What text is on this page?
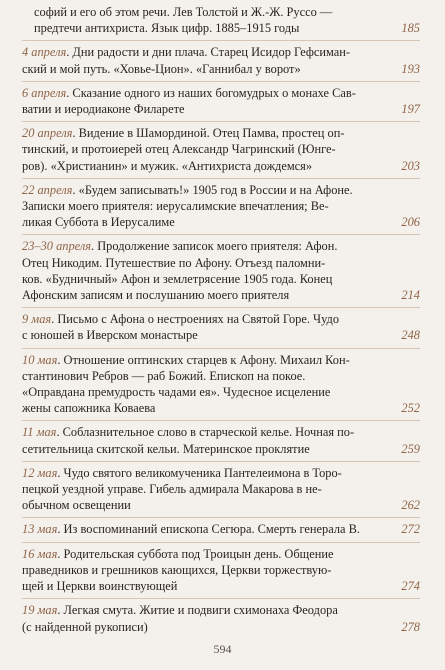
софий и его об этом речи. Лев Толстой и Ж.-Ж. Руссо —
185
предтечи антихриста. Язык цифр. 1885–1915 годы
4 апреля. Дни радости и дни плача. Старец Исидор Гефсиман-
193
ский и мой путь. «Ховье-Цион». «Ганнибал у ворот»
6 апреля. Сказание одного из наших богомудрых о монахе Сав-
197
ватии и иеродиаконе Филарете
20 апреля. Видение в Шамординой. Отец Памва, простец оп-
тинский, и протоиерей отец Александр Чагринский (Юнге-
203
ров). «Христианин» и мужик. «Антихриста дождемся»
22 апреля. «Будем записывать!» 1905 год в России и на Афоне.
Записки моего приятеля: иерусалимские впечатления; Ве-
206
ликая Суббота в Иерусалиме
23–30 апреля. Продолжение записок моего приятеля: Афон.
Отец Никодим. Путешествие по Афону. Отъезд паломни-
ков. «Будничный» Афон и землетрясение 1905 года. Конец
214
Афонским записям и послушанию моего приятеля
9 мая. Письмо с Афона о нестроениях на Святой Горе. Чудо
248
с юношей в Иверском монастыре
10 мая. Отношение оптинских старцев к Афону. Михаил Кон-
стантинович Ребров — раб Божий. Епископ на покое.
«Оправдана премудрость чадами ея». Чудесное исцеление
252
жены сапожника Коваева
11 мая. Соблазнительное слово в старческой келье. Ночная по-
259
сетительница скитской кельи. Материнское проклятие
12 мая. Чудо святого великомученика Пантелеимона в Торо-
пецкой уездной управе. Гибель адмирала Макарова в не-
262
обычном освещении
272
13 мая. Из воспоминаний епископа Сегюра. Смерть генерала В.
16 мая. Родительская суббота под Троицын день. Общение
праведников и грешников кающихся, Церкви торжествую-
274
щей и Церкви воинствующей
19 мая. Легкая смута. Житие и подвиги схимонаха Феодора
278
(с найденной рукописи)
594
